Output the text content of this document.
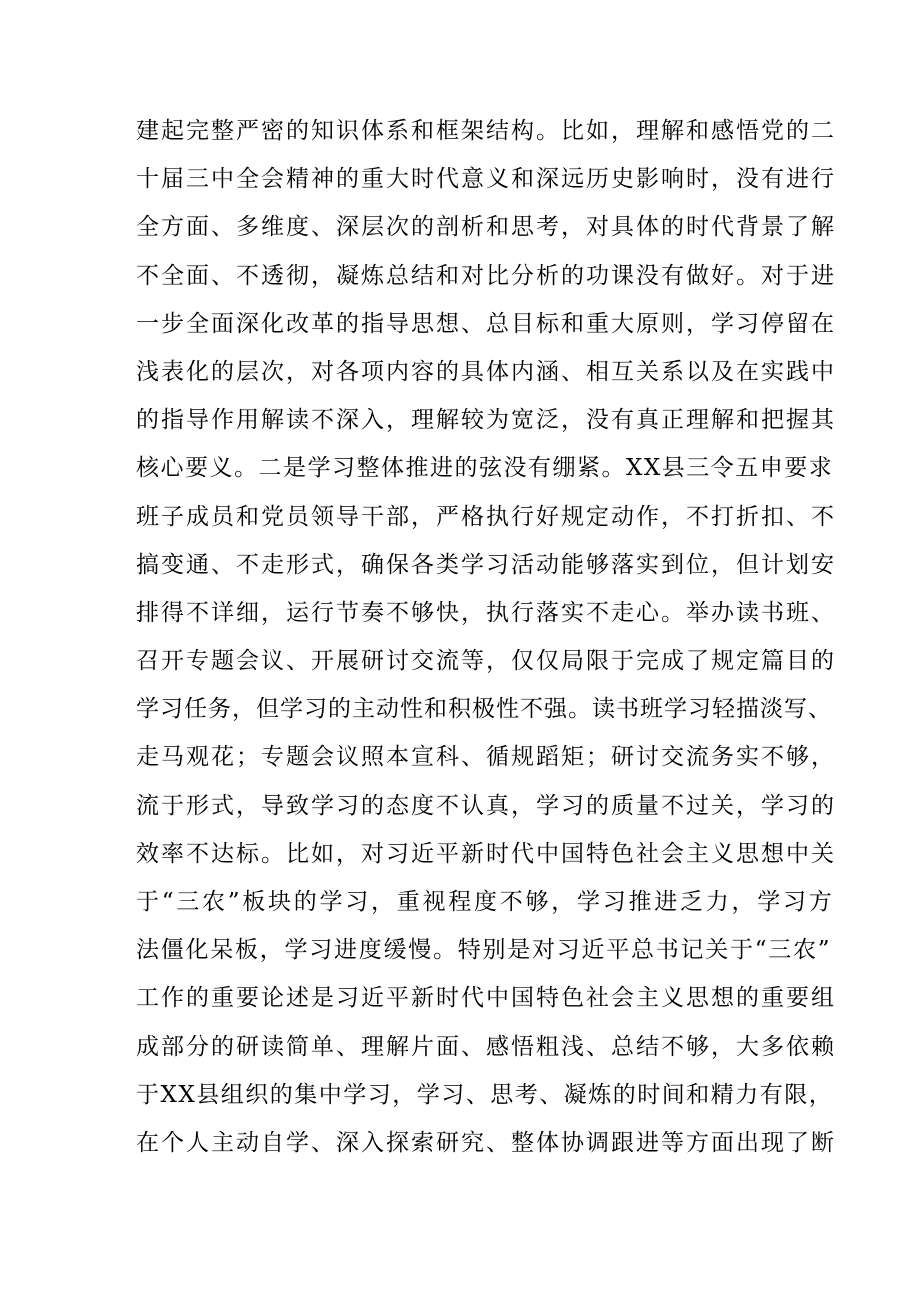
建起完整严密的知识体系和框架结构。比如，理解和感悟党的二
十届三中全会精神的重大时代意义和深远历史影响时，没有进行
全方面、多维度、深层次的剖析和思考，对具体的时代背景了解
不全面、不透彻，凝炼总结和对比分析的功课没有做好。对于进
一步全面深化改革的指导思想、总目标和重大原则，学习停留在
浅表化的层次，对各项内容的具体内涵、相互关系以及在实践中
的指导作用解读不深入，理解较为宽泛，没有真正理解和把握其
核心要义。二是学习整体推进的弦没有绷紧。XX县三令五申要求
班子成员和党员领导干部，严格执行好规定动作，不打折扣、不
搞变通、不走形式，确保各类学习活动能够落实到位，但计划安
排得不详细，运行节奏不够快，执行落实不走心。举办读书班、
召开专题会议、开展研讨交流等，仅仅局限于完成了规定篇目的
学习任务，但学习的主动性和积极性不强。读书班学习轻描淡写、
走马观花；专题会议照本宣科、循规蹈矩；研讨交流务实不够，
流于形式，导致学习的态度不认真，学习的质量不过关，学习的
效率不达标。比如，对习近平新时代中国特色社会主义思想中关
于“三农”板块的学习，重视程度不够，学习推进乏力，学习方
法僵化呆板，学习进度缓慢。特别是对习近平总书记关于“三农”
工作的重要论述是习近平新时代中国特色社会主义思想的重要组
成部分的研读简单、理解片面、感悟粗浅、总结不够，大多依赖
于XX县组织的集中学习，学习、思考、凝炼的时间和精力有限，
在个人主动自学、深入探索研究、整体协调跟进等方面出现了断
